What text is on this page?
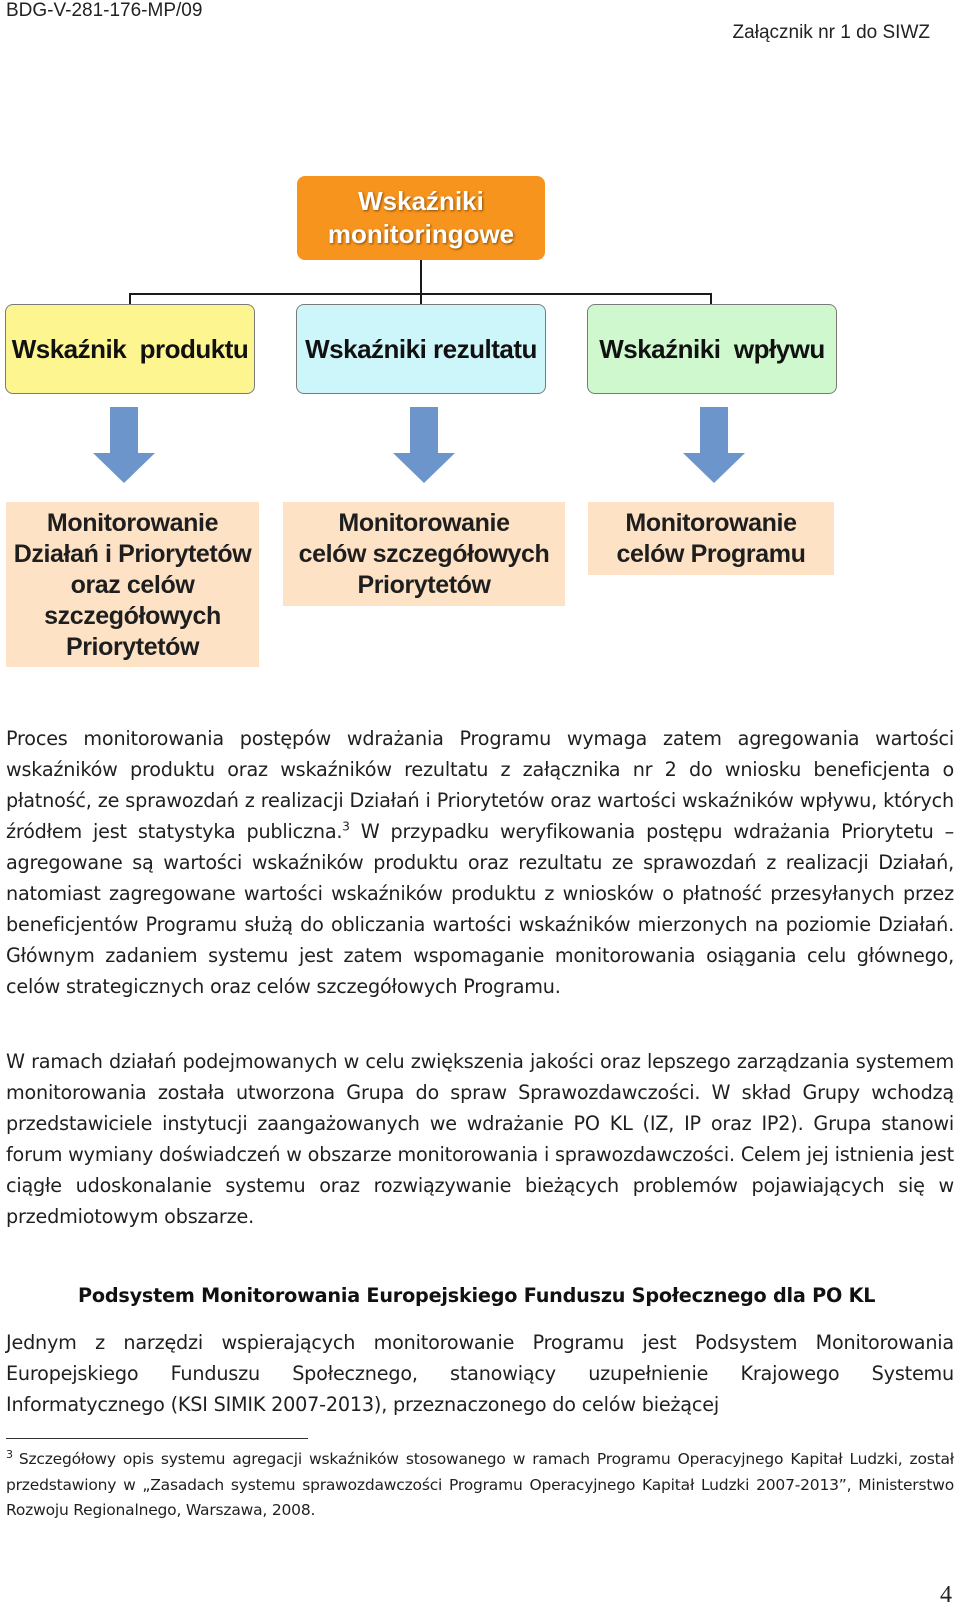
BDG-V-281-176-MP/09
Załącznik nr 1 do SIWZ
Wskaźniki
monitoringowe
Wskaźnik  produktu Wskaźniki rezultatu Wskaźniki  wpływu
Monitorowanie
Działań i Priorytetów
oraz celów
szczegółowych
Priorytetów
Monitorowanie
celów szczegółowych
Priorytetów
Monitorowanie
celów Programu
Proces monitorowania postępów wdrażania Programu wymaga zatem agregowania wartości wskaźników produktu oraz wskaźników rezultatu z załącznika nr 2 do wniosku beneficjenta o płatność, ze sprawozdań z realizacji Działań i Priorytetów oraz wartości wskaźników wpływu, których źródłem jest statystyka publiczna.$^3$ W przypadku weryfikowania postępu wdrażania Priorytetu – agregowane są wartości wskaźników produktu oraz rezultatu ze sprawozdań z realizacji Działań, natomiast zagregowane wartości wskaźników produktu z wniosków o płatność przesyłanych przez beneficjentów Programu służą do obliczania wartości wskaźników mierzonych na poziomie Działań. Głównym zadaniem systemu jest zatem wspomaganie monitorowania osiągania celu głównego, celów strategicznych oraz celów szczegółowych Programu.
W ramach działań podejmowanych w celu zwiększenia jakości oraz lepszego zarządzania systemem monitorowania została utworzona Grupa do spraw Sprawozdawczości. W skład Grupy wchodzą przedstawiciele instytucji zaangażowanych we wdrażanie PO KL (IZ, IP oraz IP2). Grupa stanowi forum wymiany doświadczeń w obszarze monitorowania i sprawozdawczości. Celem jej istnienia jest ciągłe udoskonalanie systemu oraz rozwiązywanie bieżących problemów pojawiających się w przedmiotowym obszarze.
Podsystem Monitorowania Europejskiego Funduszu Społecznego dla PO KL
Jednym z narzędzi wspierających monitorowanie Programu jest Podsystem Monitorowania Europejskiego Funduszu Społecznego, stanowiący uzupełnienie Krajowego Systemu Informatycznego (KSI SIMIK 2007-2013), przeznaczonego do celów bieżącej
$^3$ Szczegółowy opis systemu agregacji wskaźników stosowanego w ramach Programu Operacyjnego Kapitał Ludzki, został przedstawiony w „Zasadach systemu sprawozdawczości Programu Operacyjnego Kapitał Ludzki 2007-2013”, Ministerstwo Rozwoju Regionalnego, Warszawa, 2008.
4
